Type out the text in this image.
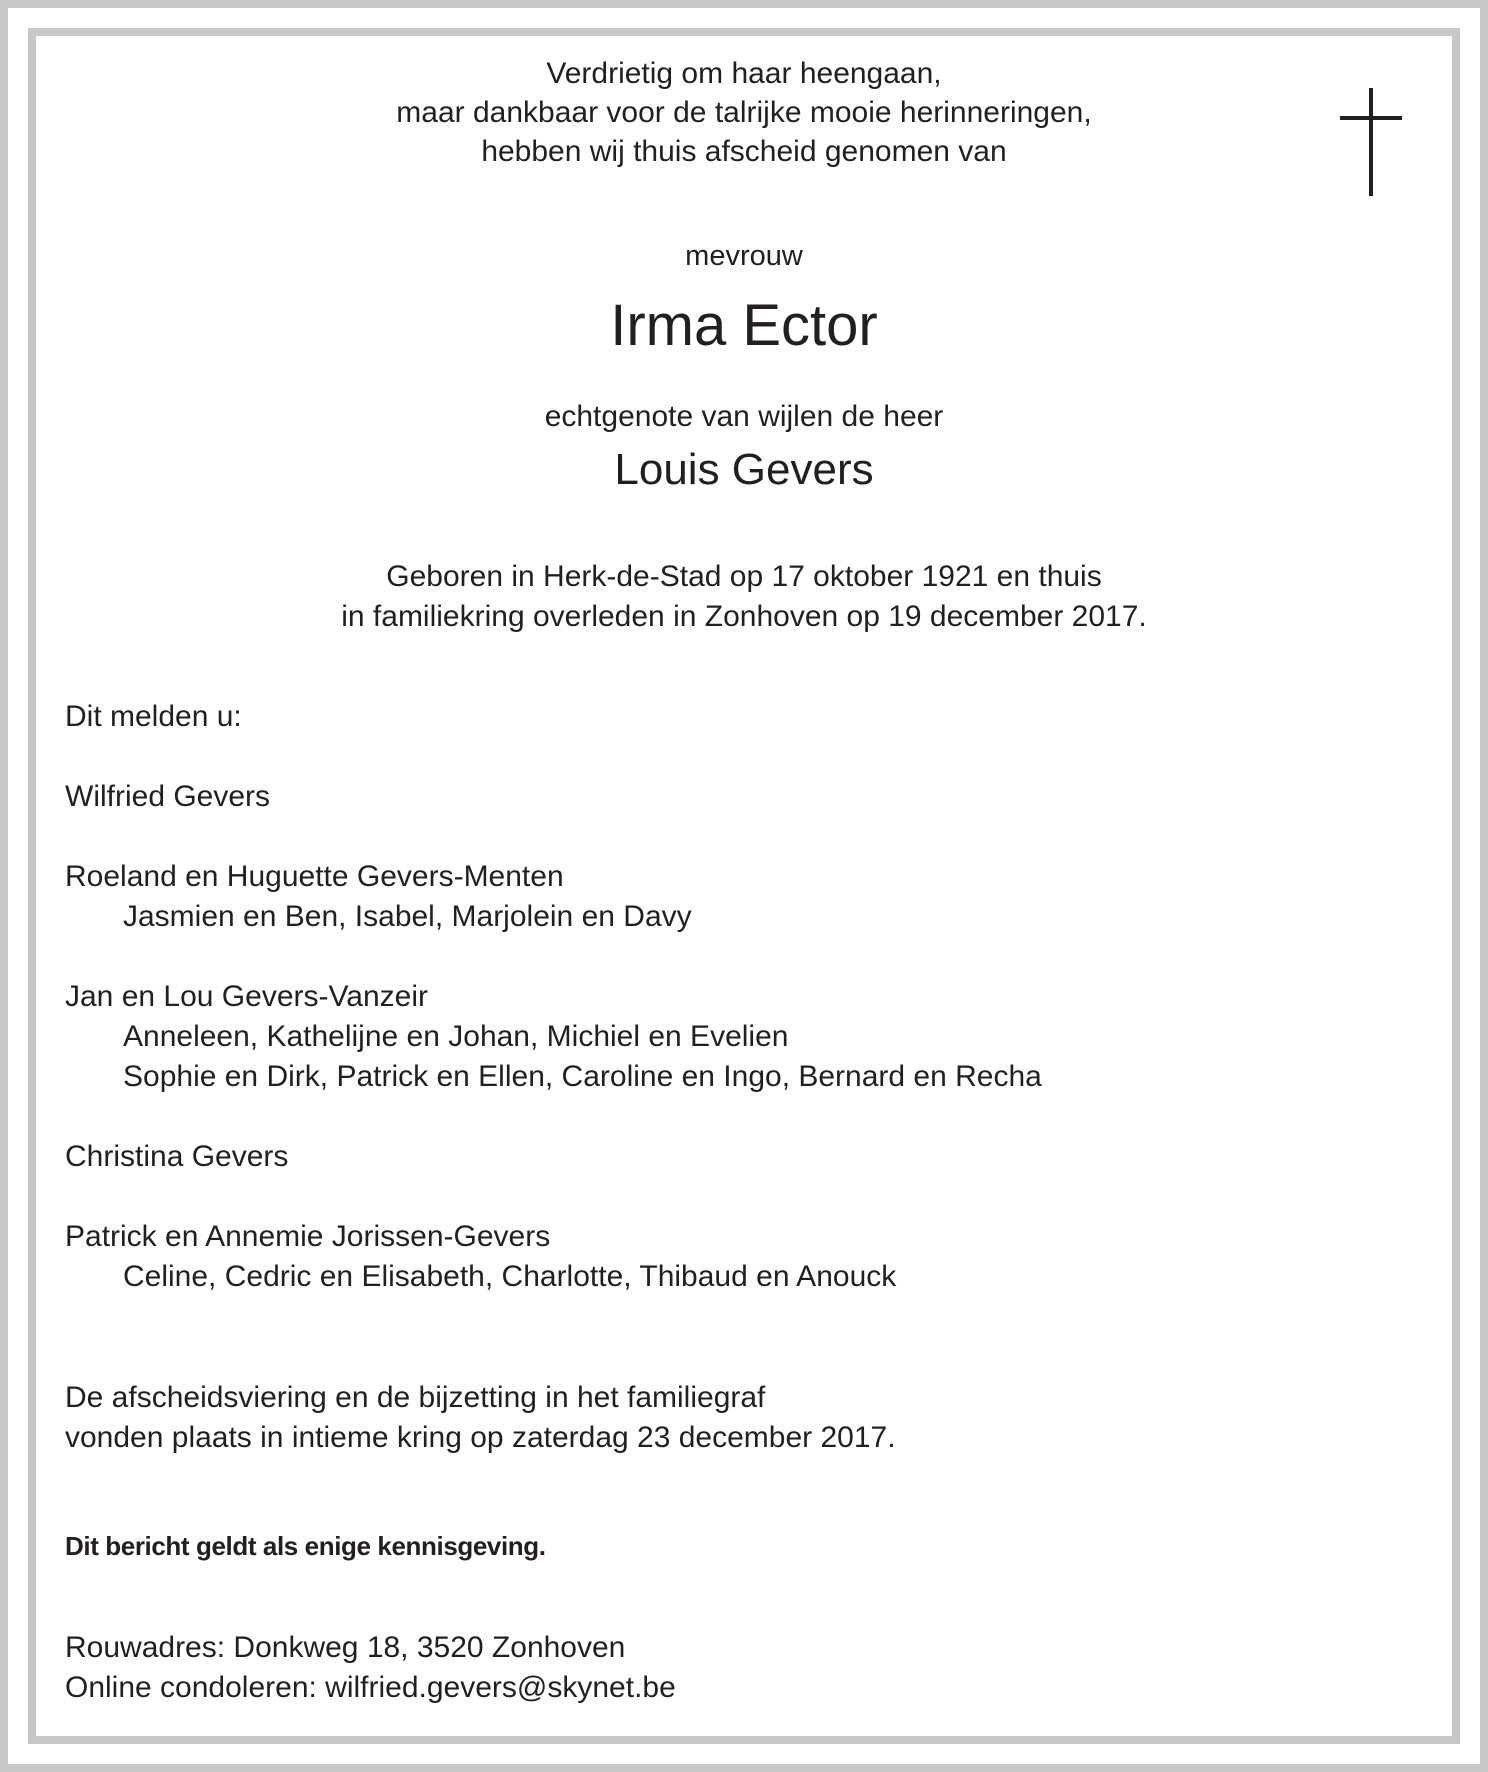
Verdrietig om haar heengaan,
maar dankbaar voor de talrijke mooie herinneringen,
hebben wij thuis afscheid genomen van
mevrouw
Irma Ector
echtgenote van wijlen de heer
Louis Gevers
Geboren in Herk-de-Stad op 17 oktober 1921 en thuis
in familiekring overleden in Zonhoven op 19 december 2017.
Dit melden u:
Wilfried Gevers
Roeland en Huguette Gevers-Menten
Jasmien en Ben, Isabel, Marjolein en Davy
Jan en Lou Gevers-Vanzeir
Anneleen, Kathelijne en Johan, Michiel en Evelien
Sophie en Dirk, Patrick en Ellen, Caroline en Ingo, Bernard en Recha
Christina Gevers
Patrick en Annemie Jorissen-Gevers
Celine, Cedric en Elisabeth, Charlotte, Thibaud en Anouck
De afscheidsviering en de bijzetting in het familiegraf
vonden plaats in intieme kring op zaterdag 23 december 2017.
Dit bericht geldt als enige kennisgeving.
Rouwadres: Donkweg 18, 3520 Zonhoven
Online condoleren: wilfried.gevers@skynet.be
